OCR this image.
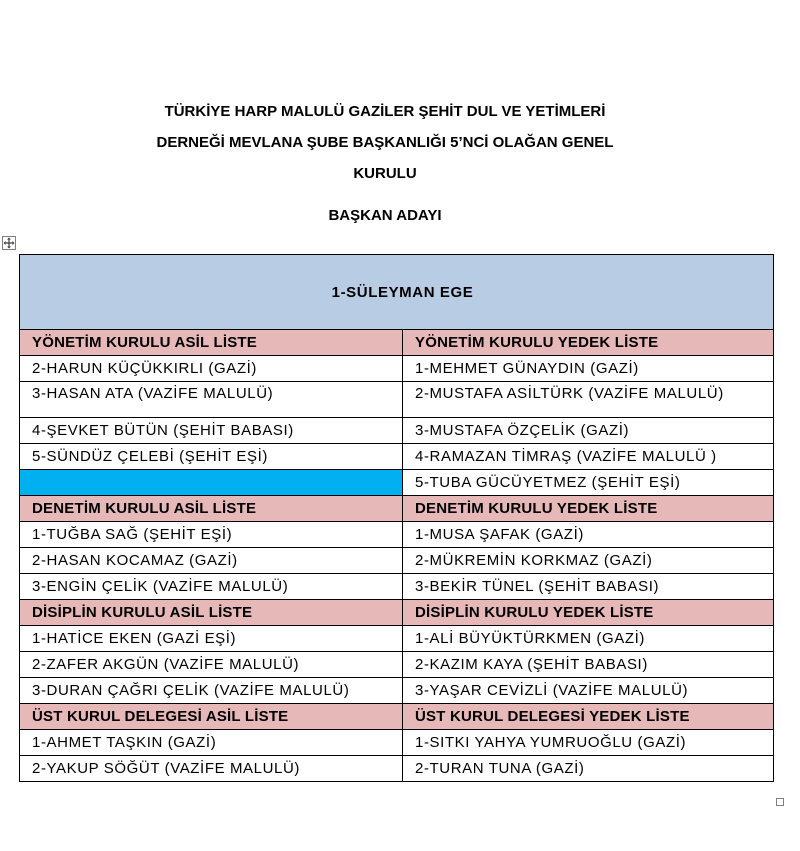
TÜRKİYE HARP MALULÜ GAZİLER ŞEHİT DUL VE YETİMLERİ
DERNEĞİ MEVLANA ŞUBE BAŞKANLIĞI 5’NCİ OLAĞAN GENEL
KURULU
BAŞKAN ADAYI
1-SÜLEYMAN EGE	
YÖNETİM KURULU ASİL LİSTE	YÖNETİM KURULU YEDEK LİSTE
2-HARUN KÜÇÜKKIRLI (GAZİ)	1-MEHMET GÜNAYDIN (GAZİ)
3-HASAN ATA (VAZİFE MALULÜ)	2-MUSTAFA ASİLTÜRK (VAZİFE MALULÜ)
4-ŞEVKET BÜTÜN (ŞEHİT BABASI)	3-MUSTAFA ÖZÇELİK (GAZİ)
5-SÜNDÜZ ÇELEBİ (ŞEHİT EŞİ)	4-RAMAZAN TİMRAŞ (VAZİFE MALULÜ )
	5-TUBA GÜCÜYETMEZ (ŞEHİT EŞİ)
DENETİM KURULU ASİL LİSTE	DENETİM KURULU YEDEK LİSTE
1-TUĞBA SAĞ (ŞEHİT EŞİ)	1-MUSA ŞAFAK (GAZİ)
2-HASAN KOCAMAZ (GAZİ)	2-MÜKREMİN KORKMAZ (GAZİ)
3-ENGİN ÇELİK (VAZİFE MALULÜ)	3-BEKİR TÜNEL (ŞEHİT BABASI)
DİSİPLİN KURULU ASİL LİSTE	DİSİPLİN KURULU YEDEK LİSTE
1-HATİCE EKEN (GAZİ EŞİ)	1-ALİ BÜYÜKTÜRKMEN (GAZİ)
2-ZAFER AKGÜN (VAZİFE MALULÜ)	2-KAZIM KAYA (ŞEHİT BABASI)
3-DURAN ÇAĞRI ÇELİK (VAZİFE MALULÜ)	3-YAŞAR CEVİZLİ (VAZİFE MALULÜ)
ÜST KURUL DELEGESİ ASİL LİSTE	ÜST KURUL DELEGESİ YEDEK LİSTE
1-AHMET TAŞKIN (GAZİ)	1-SITKI YAHYA YUMRUOĞLU (GAZİ)
2-YAKUP SÖĞÜT (VAZİFE MALULÜ)	2-TURAN TUNA (GAZİ)
